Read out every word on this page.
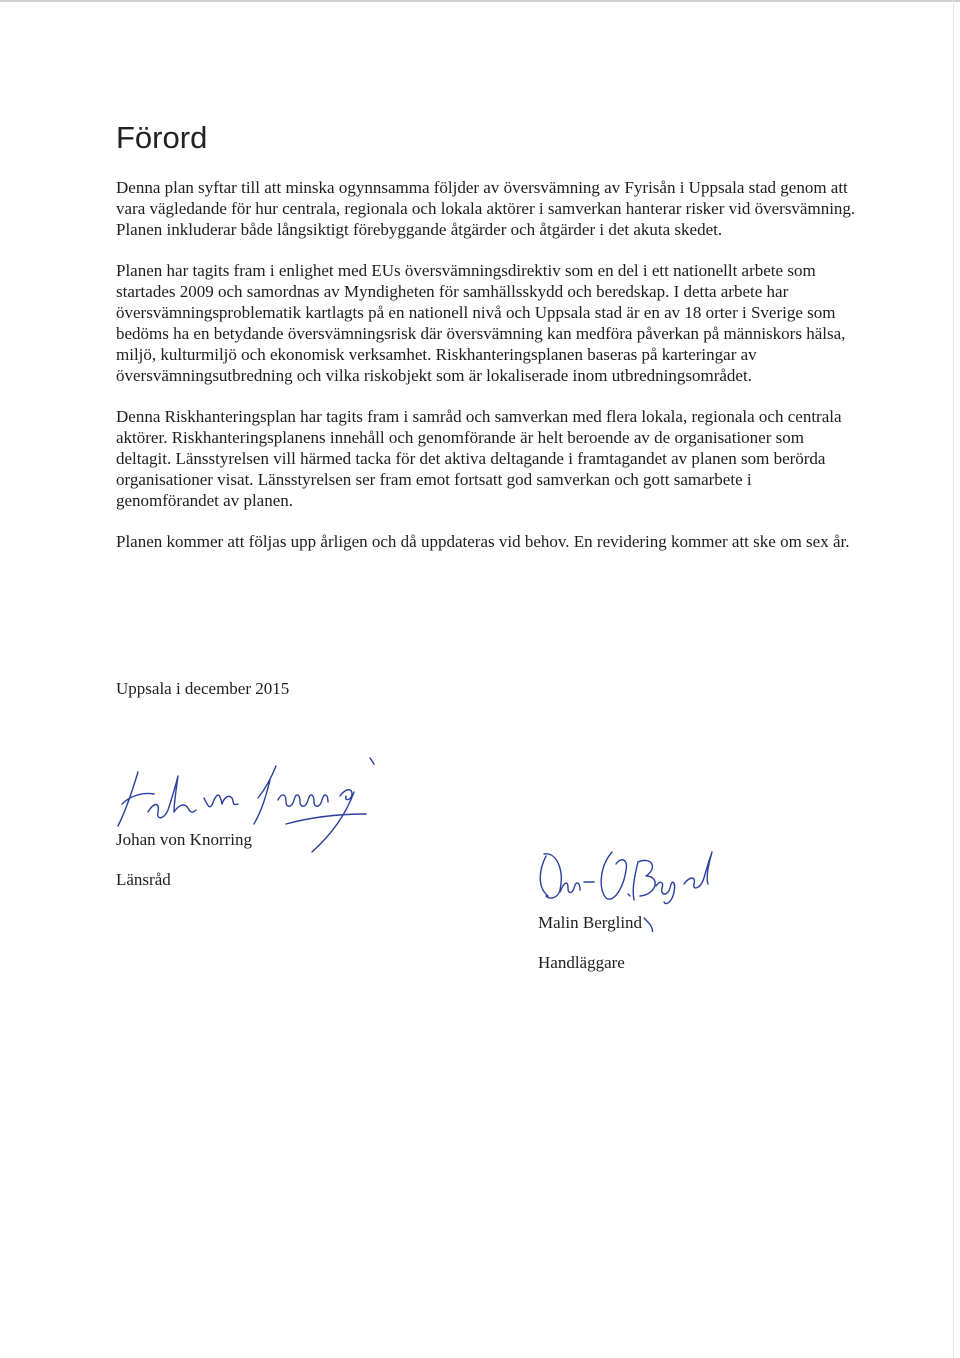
Förord

Denna plan syftar till att minska ogynnsamma följder av översvämning av Fyrisån i Uppsala stad genom att vara vägledande för hur centrala, regionala och lokala aktörer i samverkan hanterar risker vid översvämning. Planen inkluderar både långsiktigt förebyggande åtgärder och åtgärder i det akuta skedet.

Planen har tagits fram i enlighet med EUs översvämningsdirektiv som en del i ett nationellt arbete som startades 2009 och samordnas av Myndigheten för samhällsskydd och beredskap. I detta arbete har översvämningsproblematik kartlagts på en nationell nivå och Uppsala stad är en av 18 orter i Sverige som bedöms ha en betydande översvämningsrisk där översvämning kan medföra påverkan på människors hälsa, miljö, kulturmiljö och ekonomisk verksamhet. Riskhanteringsplanen baseras på karteringar av översvämningsutbredning och vilka riskobjekt som är lokaliserade inom utbredningsområdet.

Denna Riskhanteringsplan har tagits fram i samråd och samverkan med flera lokala, regionala och centrala aktörer. Riskhanteringsplanens innehåll och genomförande är helt beroende av de organisationer som deltagit. Länsstyrelsen vill härmed tacka för det aktiva deltagande i framtagandet av planen som berörda organisationer visat. Länsstyrelsen ser fram emot fortsatt god samverkan och gott samarbete i genomförandet av planen.

Planen kommer att följas upp årligen och då uppdateras vid behov. En revidering kommer att ske om sex år.

Uppsala i december 2015
Johan von Knorring
Länsråd
Malin Berglind
Handläggare
